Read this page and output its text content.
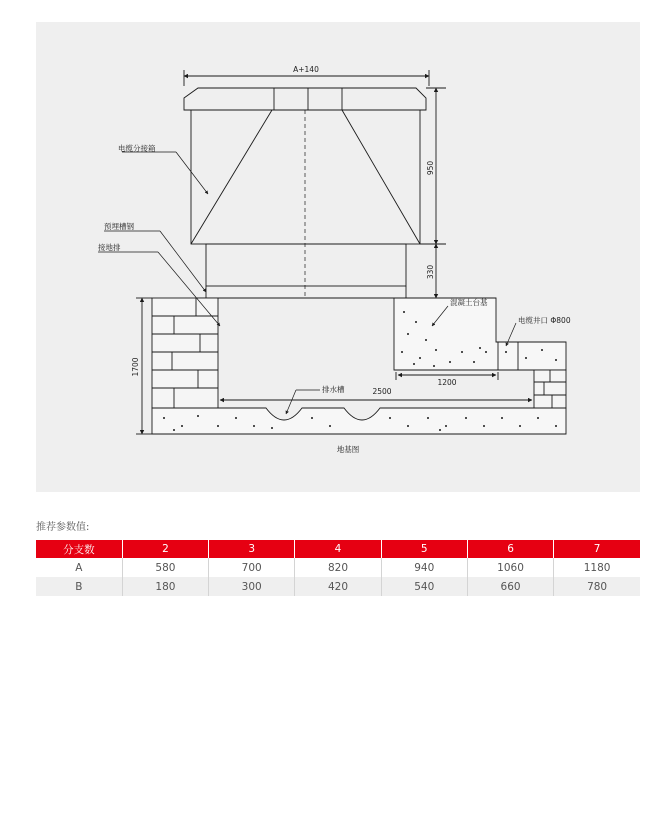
A+140
电缆分接箱
预埋槽钢
接地排
950
330
混凝土台基
电缆井口 Φ800
1200
1700
排水槽	2500
地基图
推荐参数值:
分支数	2	3	4	5	6	7
A	580	700	820	940	1060	1180
B	180	300	420	540	660	780
